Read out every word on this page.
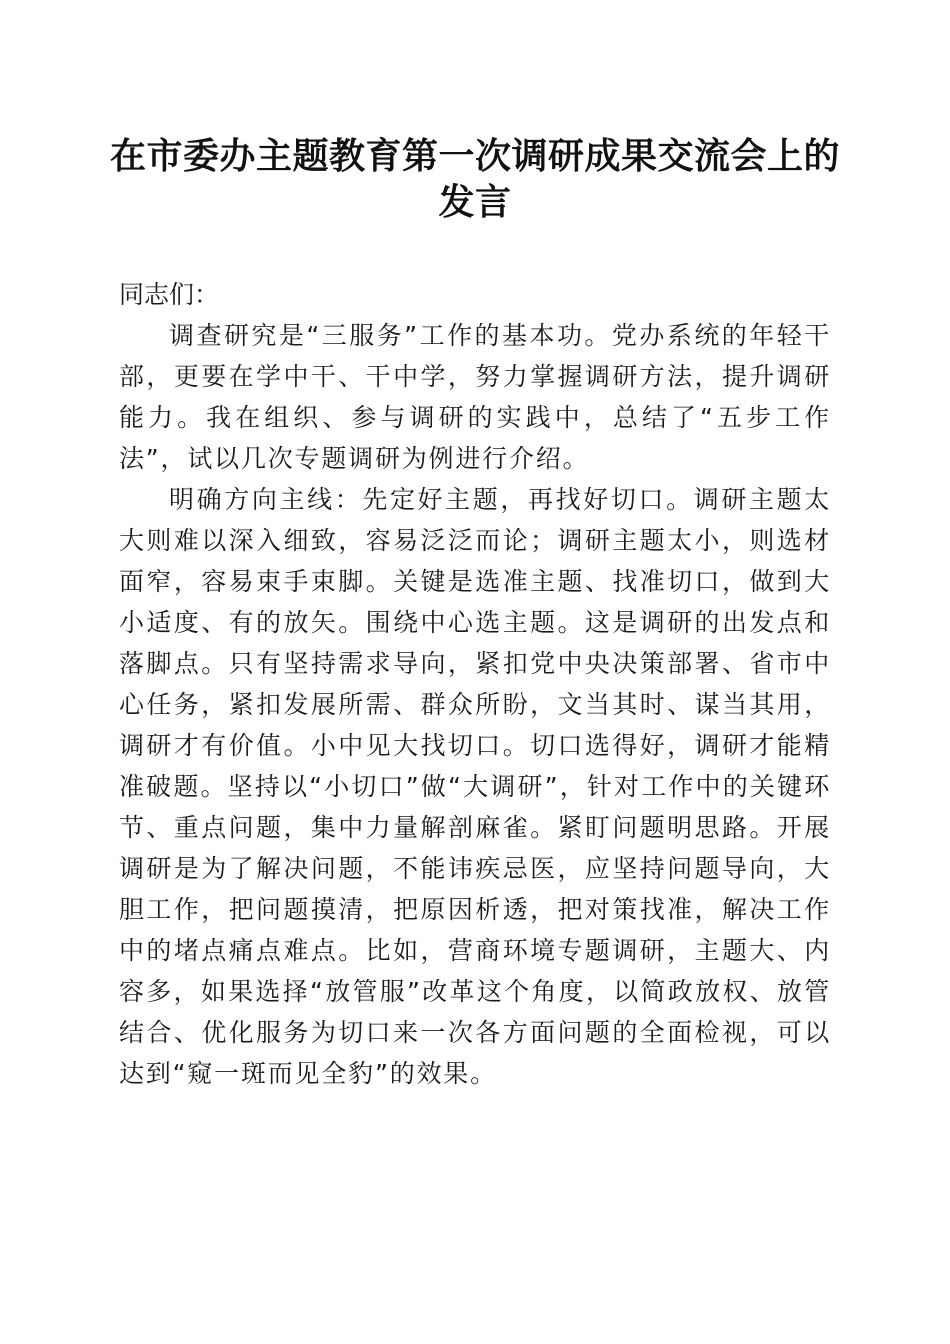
在市委办主题教育第一次调研成果交流会上的
发言

同志们：

调查研究是“三服务”工作的基本功。党办系统的年轻干部，更要在学中干、干中学，努力掌握调研方法，提升调研能力。我在组织、参与调研的实践中，总结了“五步工作法”，试以几次专题调研为例进行介绍。

明确方向主线：先定好主题，再找好切口。调研主题太大则难以深入细致，容易泛泛而论；调研主题太小，则选材面窄，容易束手束脚。关键是选准主题、找准切口，做到大小适度、有的放矢。围绕中心选主题。这是调研的出发点和落脚点。只有坚持需求导向，紧扣党中央决策部署、省市中心任务，紧扣发展所需、群众所盼，文当其时、谋当其用，调研才有价值。小中见大找切口。切口选得好，调研才能精准破题。坚持以“小切口”做“大调研”，针对工作中的关键环节、重点问题，集中力量解剖麻雀。紧盯问题明思路。开展调研是为了解决问题，不能讳疾忌医，应坚持问题导向，大胆工作，把问题摸清，把原因析透，把对策找准，解决工作中的堵点痛点难点。比如，营商环境专题调研，主题大、内容多，如果选择“放管服”改革这个角度，以简政放权、放管结合、优化服务为切口来一次各方面问题的全面检视，可以达到“窥一斑而见全豹”的效果。
